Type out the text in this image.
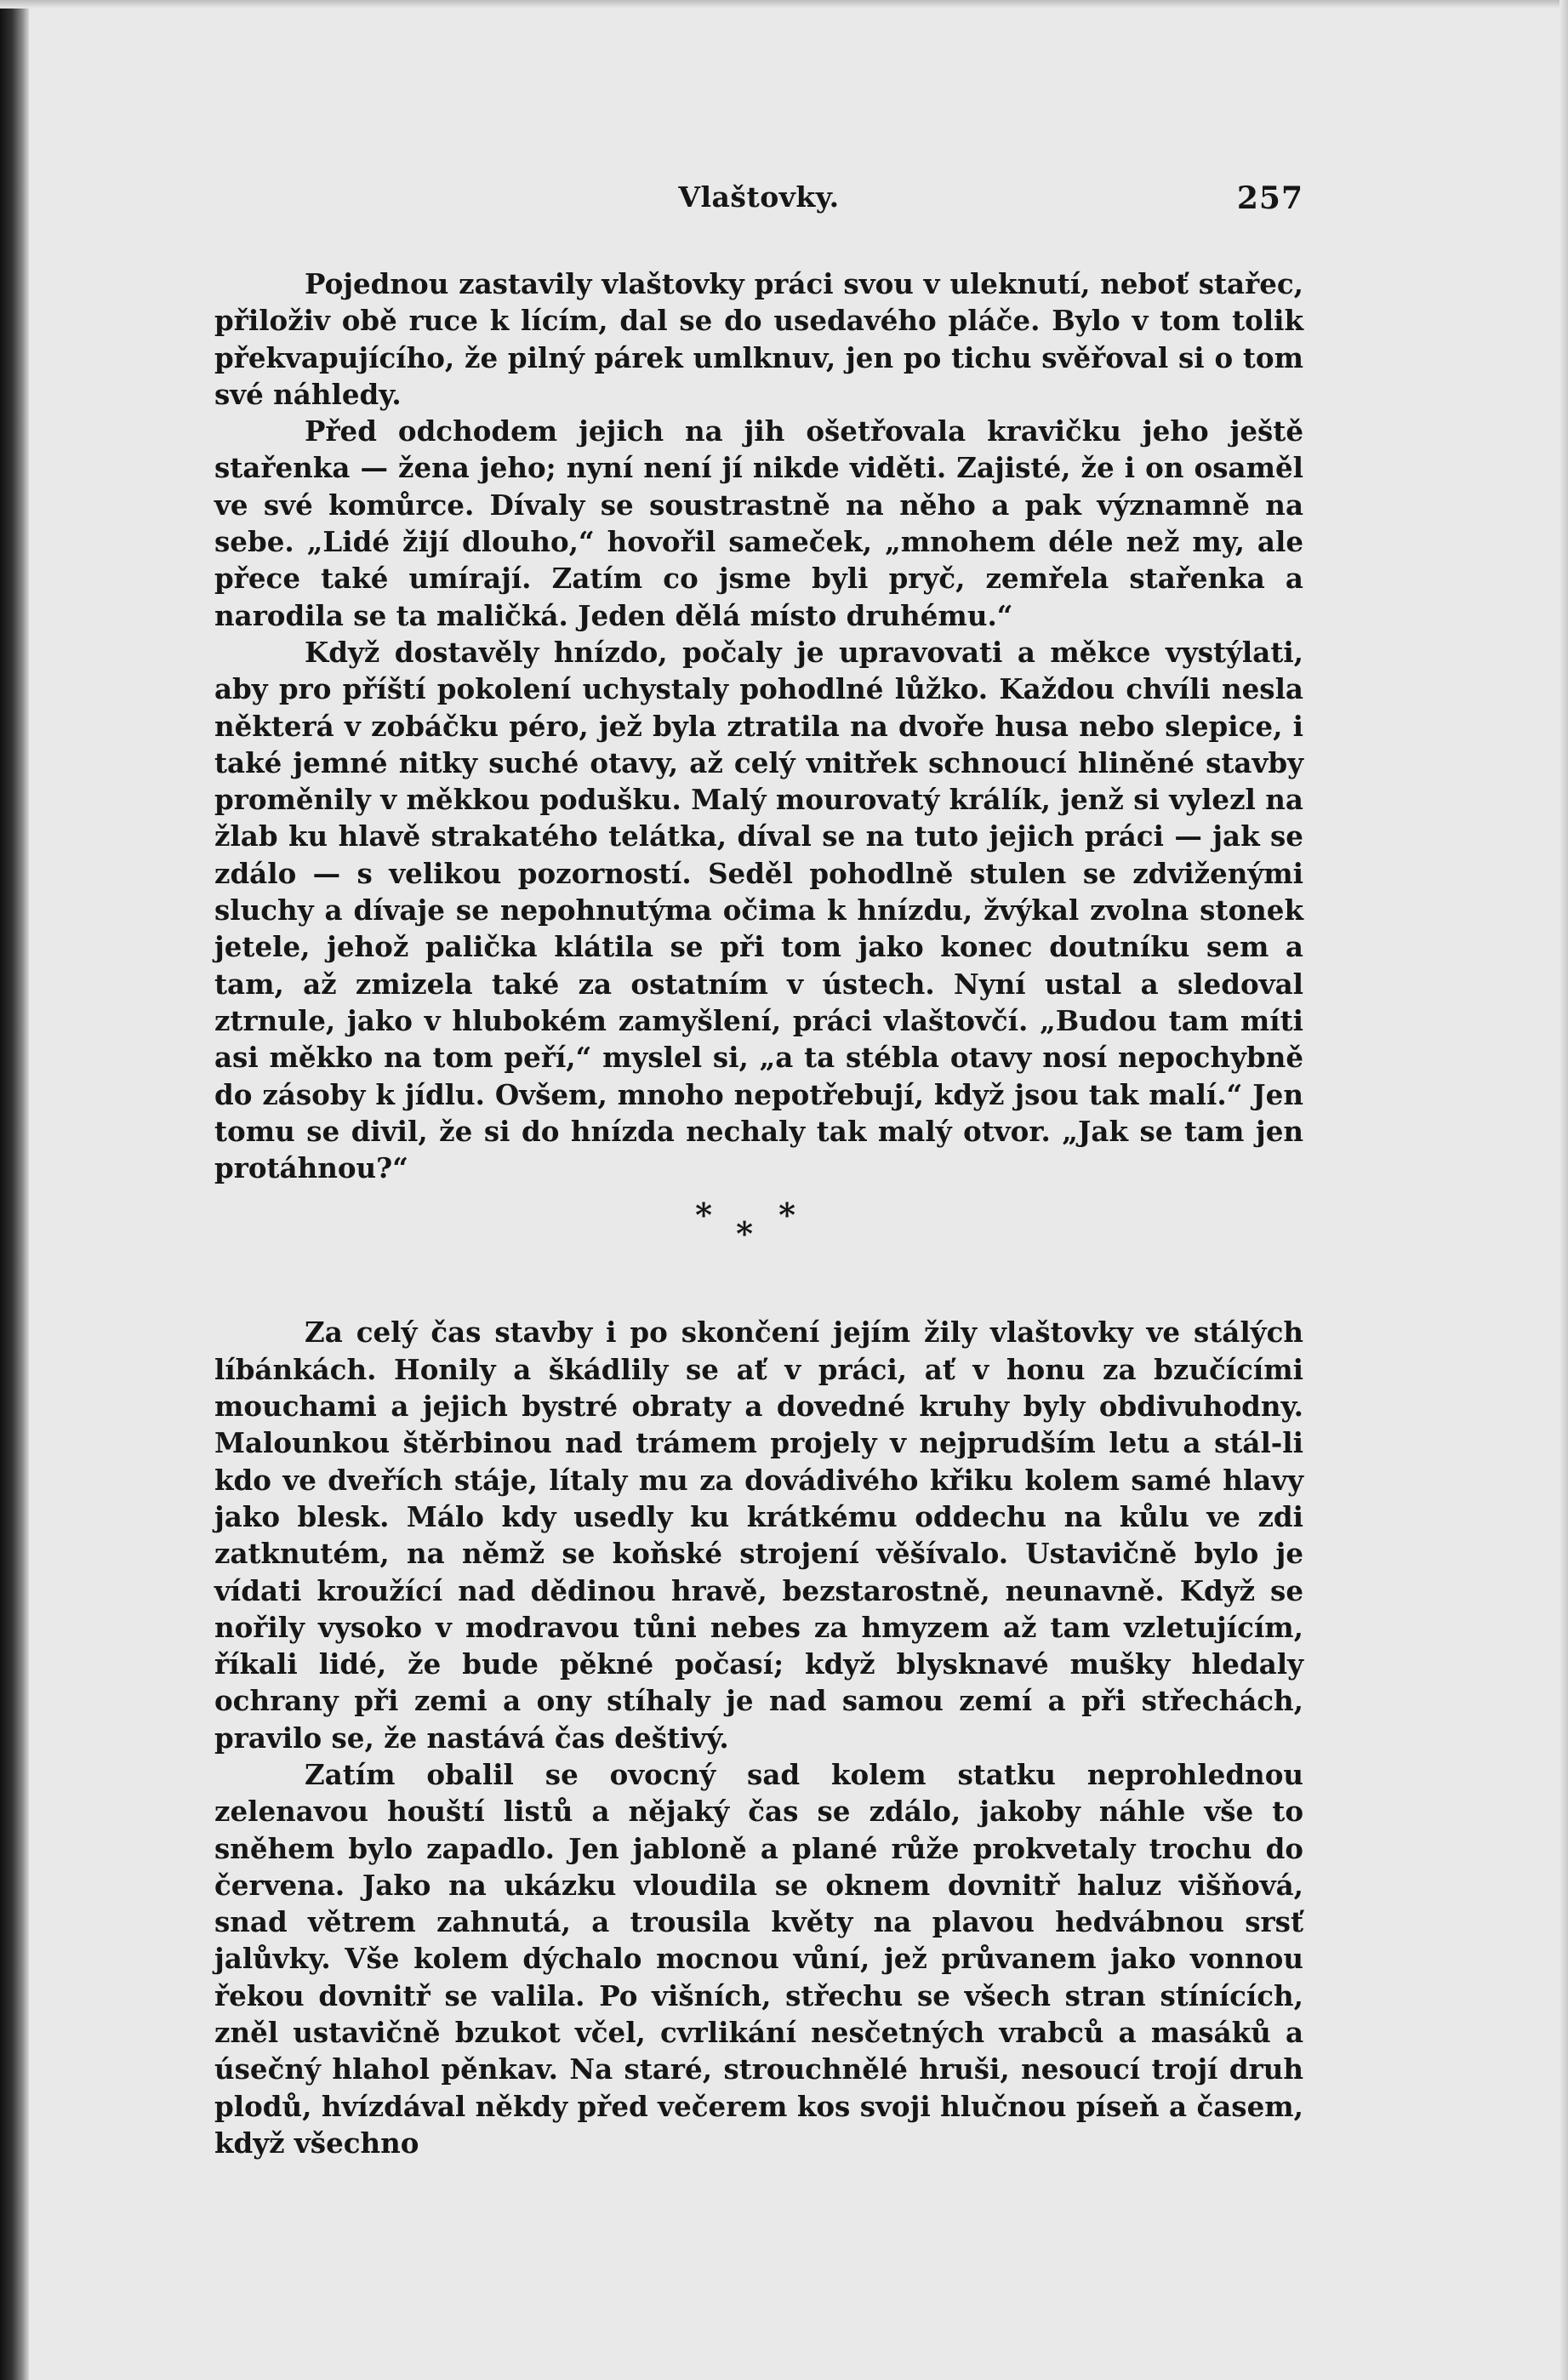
Vlaštovky.	257

Pojednou zastavily vlaštovky práci svou v uleknutí, neboť stařec, přiloživ obě ruce k lícím, dal se do usedavého pláče. Bylo v tom tolik překvapujícího, že pilný párek umlknuv, jen po tichu svěřoval si o tom své náhledy.

Před odchodem jejich na jih ošetřovala kravičku jeho ještě stařenka — žena jeho; nyní není jí nikde viděti. Zajisté, že i on osaměl ve své komůrce. Dívaly se soustrastně na něho a pak významně na sebe. „Lidé žijí dlouho,“ hovořil sameček, „mnohem déle než my, ale přece také umírají. Zatím co jsme byli pryč, zemřela stařenka a narodila se ta maličká. Jeden dělá místo druhému.“

Když dostavěly hnízdo, počaly je upravovati a měkce vystýlati, aby pro příští pokolení uchystaly pohodlné lůžko. Každou chvíli nesla některá v zobáčku péro, jež byla ztratila na dvoře husa nebo slepice, i také jemné nitky suché otavy, až celý vnitřek schnoucí hliněné stavby proměnily v měkkou podušku. Malý mourovatý králík, jenž si vylezl na žlab ku hlavě strakatého telátka, díval se na tuto jejich práci — jak se zdálo — s velikou pozorností. Seděl pohodlně stulen se zdviženými sluchy a dívaje se nepohnutýma očima k hnízdu, žvýkal zvolna stonek jetele, jehož palička klátila se při tom jako konec doutníku sem a tam, až zmizela také za ostatním v ústech. Nyní ustal a sledoval ztrnule, jako v hlubokém zamyšlení, práci vlaštovčí. „Budou tam míti asi měkko na tom peří,“ myslel si, „a ta stébla otavy nosí nepochybně do zásoby k jídlu. Ovšem, mnoho nepotřebují, když jsou tak malí.“ Jen tomu se divil, že si do hnízda nechaly tak malý otvor. „Jak se tam jen protáhnou?“

* *
*

Za celý čas stavby i po skončení jejím žily vlaštovky ve stálých líbánkách. Honily a škádlily se ať v práci, ať v honu za bzučícími mouchami a jejich bystré obraty a dovedné kruhy byly obdivuhodny. Malounkou štěrbinou nad trámem projely v nejprudším letu a stál-li kdo ve dveřích stáje, lítaly mu za dovádivého křiku kolem samé hlavy jako blesk. Málo kdy usedly ku krátkému oddechu na kůlu ve zdi zatknutém, na němž se koňské strojení věšívalo. Ustavičně bylo je vídati kroužící nad dědinou hravě, bezstarostně, neunavně. Když se nořily vysoko v modravou tůni nebes za hmyzem až tam vzletujícím, říkali lidé, že bude pěkné počasí; když blysknavé mušky hledaly ochrany při zemi a ony stíhaly je nad samou zemí a při střechách, pravilo se, že nastává čas deštivý.

Zatím obalil se ovocný sad kolem statku neprohlednou zelenavou houští listů a nějaký čas se zdálo, jakoby náhle vše to sněhem bylo zapadlo. Jen jabloně a plané růže prokvetaly trochu do červena. Jako na ukázku vloudila se oknem dovnitř haluz višňová, snad větrem zahnutá, a trousila květy na plavou hedvábnou srsť jalůvky. Vše kolem dýchalo mocnou vůní, jež průvanem jako vonnou řekou dovnitř se valila. Po višních, střechu se všech stran stínících, zněl ustavičně bzukot včel, cvrlikání nesčetných vrabců a masáků a úsečný hlahol pěnkav. Na staré, strouchnělé hruši, nesoucí trojí druh plodů, hvízdával někdy před večerem kos svoji hlučnou píseň a časem, když všechno
